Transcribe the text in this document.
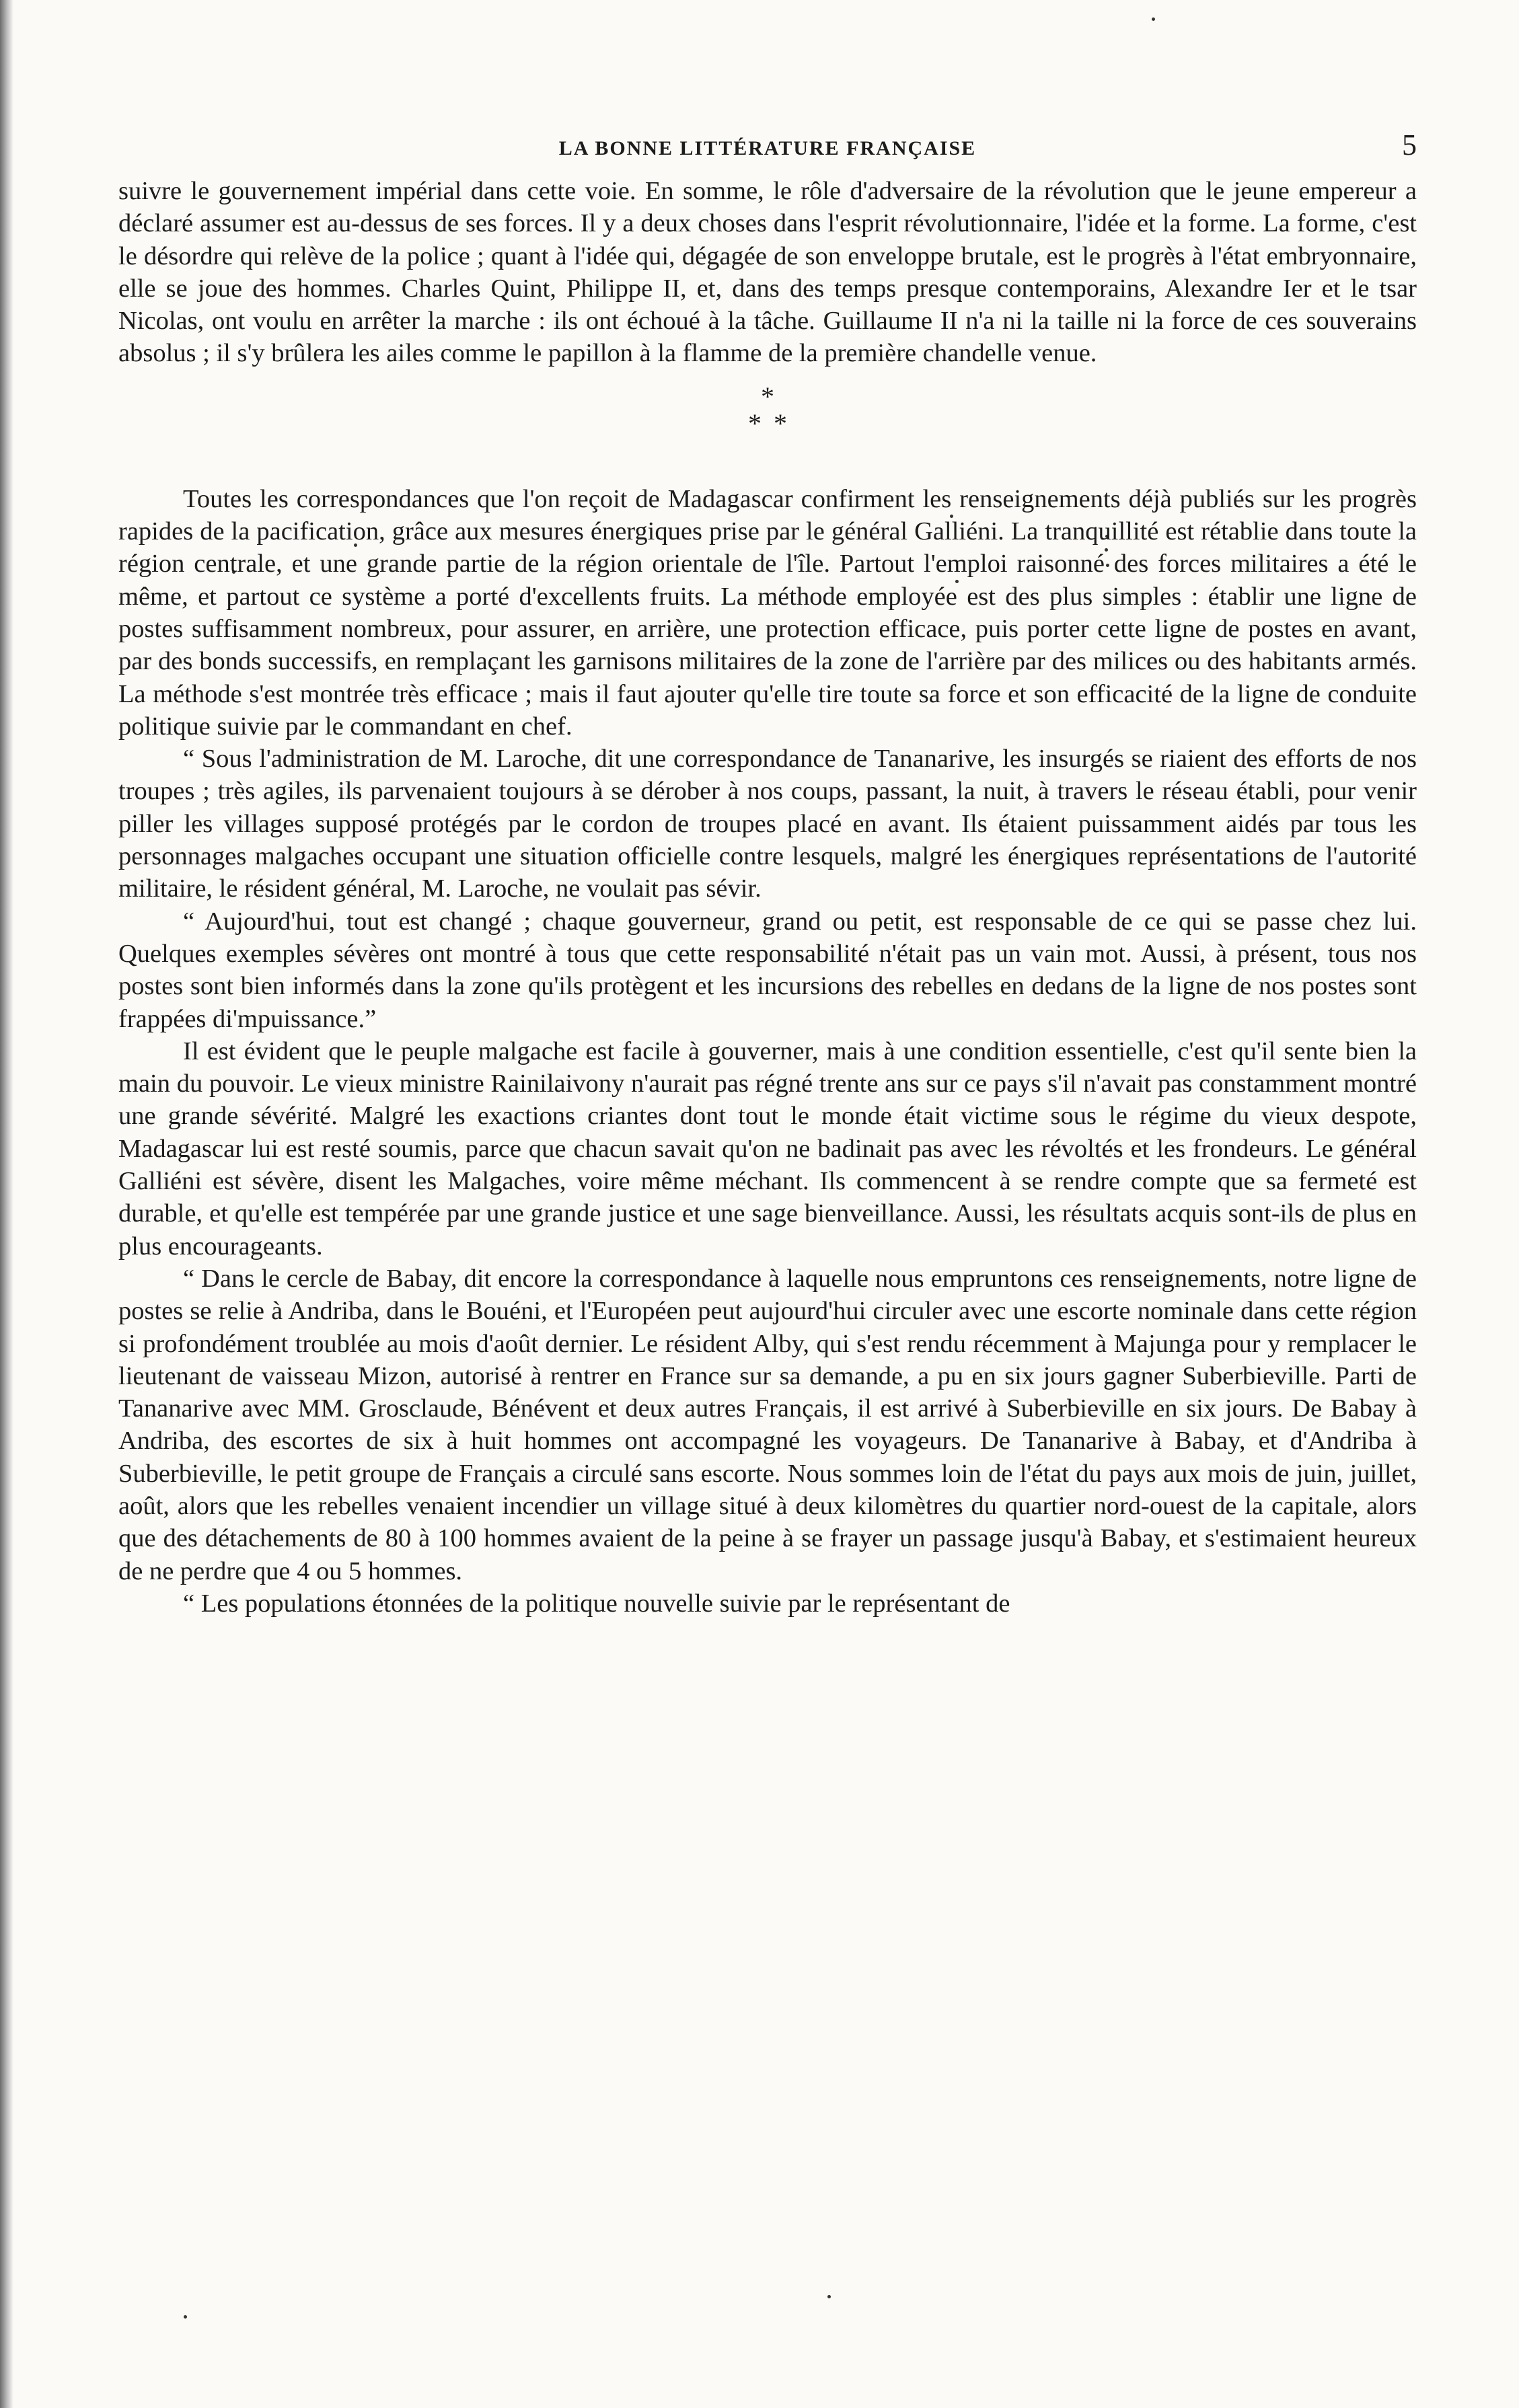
LA BONNE LITTÉRATURE FRANÇAISE	5

suivre le gouvernement impérial dans cette voie. En somme, le rôle d'adversaire de la révolution que le jeune empereur a déclaré assumer est au-dessus de ses forces. Il y a deux choses dans l'esprit révolutionnaire, l'idée et la forme. La forme, c'est le désordre qui relève de la police ; quant à l'idée qui, dégagée de son enveloppe brutale, est le progrès à l'état embryonnaire, elle se joue des hommes. Charles Quint, Philippe II, et, dans des temps presque contemporains, Alexandre Ier et le tsar Nicolas, ont voulu en arrêter la marche : ils ont échoué à la tâche. Guillaume II n'a ni la taille ni la force de ces souverains absolus ; il s'y brûlera les ailes comme le papillon à la flamme de la première chandelle venue.

*
**

Toutes les correspondances que l'on reçoit de Madagascar confirment les renseignements déjà publiés sur les progrès rapides de la pacification, grâce aux mesures énergiques prise par le général Galliéni. La tranquillité est rétablie dans toute la région centrale, et une grande partie de la région orientale de l'île. Partout l'emploi raisonné des forces militaires a été le même, et partout ce système a porté d'excellents fruits. La méthode employée est des plus simples : établir une ligne de postes suffisamment nombreux, pour assurer, en arrière, une protection efficace, puis porter cette ligne de postes en avant, par des bonds successifs, en remplaçant les garnisons militaires de la zone de l'arrière par des milices ou des habitants armés. La méthode s'est montrée très efficace ; mais il faut ajouter qu'elle tire toute sa force et son efficacité de la ligne de conduite politique suivie par le commandant en chef.

“ Sous l'administration de M. Laroche, dit une correspondance de Tananarive, les insurgés se riaient des efforts de nos troupes ; très agiles, ils parvenaient toujours à se dérober à nos coups, passant, la nuit, à travers le réseau établi, pour venir piller les villages supposé protégés par le cordon de troupes placé en avant. Ils étaient puissamment aidés par tous les personnages malgaches occupant une situation officielle contre lesquels, malgré les énergiques représentations de l'autorité militaire, le résident général, M. Laroche, ne voulait pas sévir.

“ Aujourd'hui, tout est changé ; chaque gouverneur, grand ou petit, est responsable de ce qui se passe chez lui. Quelques exemples sévères ont montré à tous que cette responsabilité n'était pas un vain mot. Aussi, à présent, tous nos postes sont bien informés dans la zone qu'ils protègent et les incursions des rebelles en dedans de la ligne de nos postes sont frappées di'mpuissance.”

Il est évident que le peuple malgache est facile à gouverner, mais à une condition essentielle, c'est qu'il sente bien la main du pouvoir. Le vieux ministre Rainilaivony n'aurait pas régné trente ans sur ce pays s'il n'avait pas constamment montré une grande sévérité. Malgré les exactions criantes dont tout le monde était victime sous le régime du vieux despote, Madagascar lui est resté soumis, parce que chacun savait qu'on ne badinait pas avec les révoltés et les frondeurs. Le général Galliéni est sévère, disent les Malgaches, voire même méchant. Ils commencent à se rendre compte que sa fermeté est durable, et qu'elle est tempérée par une grande justice et une sage bienveillance. Aussi, les résultats acquis sont-ils de plus en plus encourageants.

“ Dans le cercle de Babay, dit encore la correspondance à laquelle nous empruntons ces renseignements, notre ligne de postes se relie à Andriba, dans le Bouéni, et l'Européen peut aujourd'hui circuler avec une escorte nominale dans cette région si profondément troublée au mois d'août dernier. Le résident Alby, qui s'est rendu récemment à Majunga pour y remplacer le lieutenant de vaisseau Mizon, autorisé à rentrer en France sur sa demande, a pu en six jours gagner Suberbieville. Parti de Tananarive avec MM. Grosclaude, Bénévent et deux autres Français, il est arrivé à Suberbieville en six jours. De Babay à Andriba, des escortes de six à huit hommes ont accompagné les voyageurs. De Tananarive à Babay, et d'Andriba à Suberbieville, le petit groupe de Français a circulé sans escorte. Nous sommes loin de l'état du pays aux mois de juin, juillet, août, alors que les rebelles venaient incendier un village situé à deux kilomètres du quartier nord-ouest de la capitale, alors que des détachements de 80 à 100 hommes avaient de la peine à se frayer un passage jusqu'à Babay, et s'estimaient heureux de ne perdre que 4 ou 5 hommes.

“ Les populations étonnées de la politique nouvelle suivie par le représentant de
